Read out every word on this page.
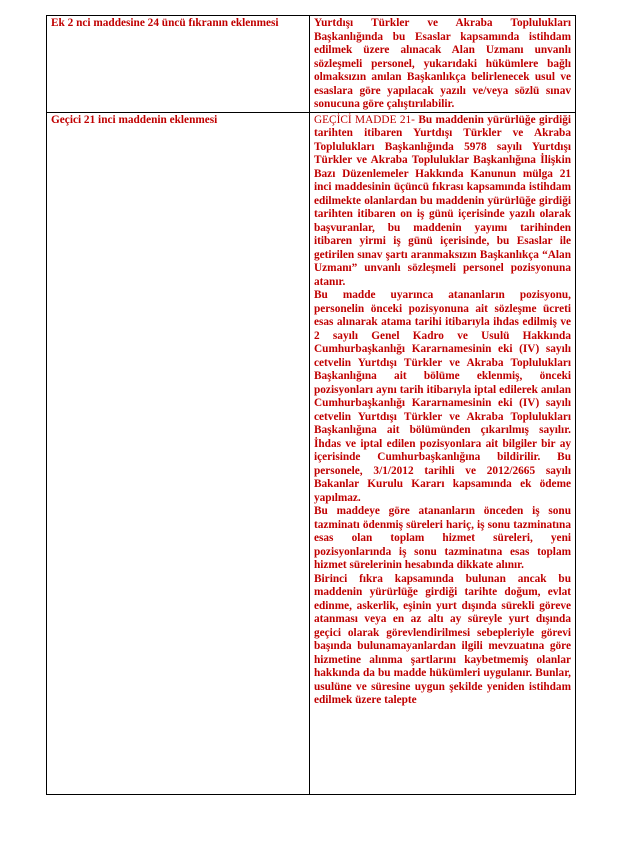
Ek 2 nci maddesine 24 üncü fıkranın eklenmesi	Yurtdışı Türkler ve Akraba Toplulukları Başkanlığında bu Esaslar kapsamında istihdam edilmek üzere alınacak Alan Uzmanı unvanlı sözleşmeli personel, yukarıdaki hükümlere bağlı olmaksızın anılan Başkanlıkça belirlenecek usul ve esaslara göre yapılacak yazılı ve/veya sözlü sınav sonucuna göre çalıştırılabilir.

Geçici 21 inci maddenin eklenmesi	GEÇİCİ MADDE 21- Bu maddenin yürürlüğe girdiği tarihten itibaren Yurtdışı Türkler ve Akraba Toplulukları Başkanlığında 5978 sayılı Yurtdışı Türkler ve Akraba Topluluklar Başkanlığına İlişkin Bazı Düzenlemeler Hakkında Kanunun mülga 21 inci maddesinin üçüncü fıkrası kapsamında istihdam edilmekte olanlardan bu maddenin yürürlüğe girdiği tarihten itibaren on iş günü içerisinde yazılı olarak başvuranlar, bu maddenin yayımı tarihinden itibaren yirmi iş günü içerisinde, bu Esaslar ile getirilen sınav şartı aranmaksızın Başkanlıkça “Alan Uzmanı” unvanlı sözleşmeli personel pozisyonuna atanır.

Bu madde uyarınca atananların pozisyonu, personelin önceki pozisyonuna ait sözleşme ücreti esas alınarak atama tarihi itibarıyla ihdas edilmiş ve 2 sayılı Genel Kadro ve Usulü Hakkında Cumhurbaşkanlığı Kararnamesinin eki (IV) sayılı cetvelin Yurtdışı Türkler ve Akraba Toplulukları Başkanlığına ait bölüme eklenmiş, önceki pozisyonları aynı tarih itibarıyla iptal edilerek anılan Cumhurbaşkanlığı Kararnamesinin eki (IV) sayılı cetvelin Yurtdışı Türkler ve Akraba Toplulukları Başkanlığına ait bölümünden çıkarılmış sayılır. İhdas ve iptal edilen pozisyonlara ait bilgiler bir ay içerisinde Cumhurbaşkanlığına bildirilir. Bu personele, 3/1/2012 tarihli ve 2012/2665 sayılı Bakanlar Kurulu Kararı kapsamında ek ödeme yapılmaz.

Bu maddeye göre atananların önceden iş sonu tazminatı ödenmiş süreleri hariç, iş sonu tazminatına esas olan toplam hizmet süreleri, yeni pozisyonlarında iş sonu tazminatına esas toplam hizmet sürelerinin hesabında dikkate alınır.

Birinci fıkra kapsamında bulunan ancak bu maddenin yürürlüğe girdiği tarihte doğum, evlat edinme, askerlik, eşinin yurt dışında sürekli göreve atanması veya en az altı ay süreyle yurt dışında geçici olarak görevlendirilmesi sebepleriyle görevi başında bulunamayanlardan ilgili mevzuatına göre hizmetine alınma şartlarını kaybetmemiş olanlar hakkında da bu madde hükümleri uygulanır. Bunlar, usulüne ve süresine uygun şekilde yeniden istihdam edilmek üzere talepte
